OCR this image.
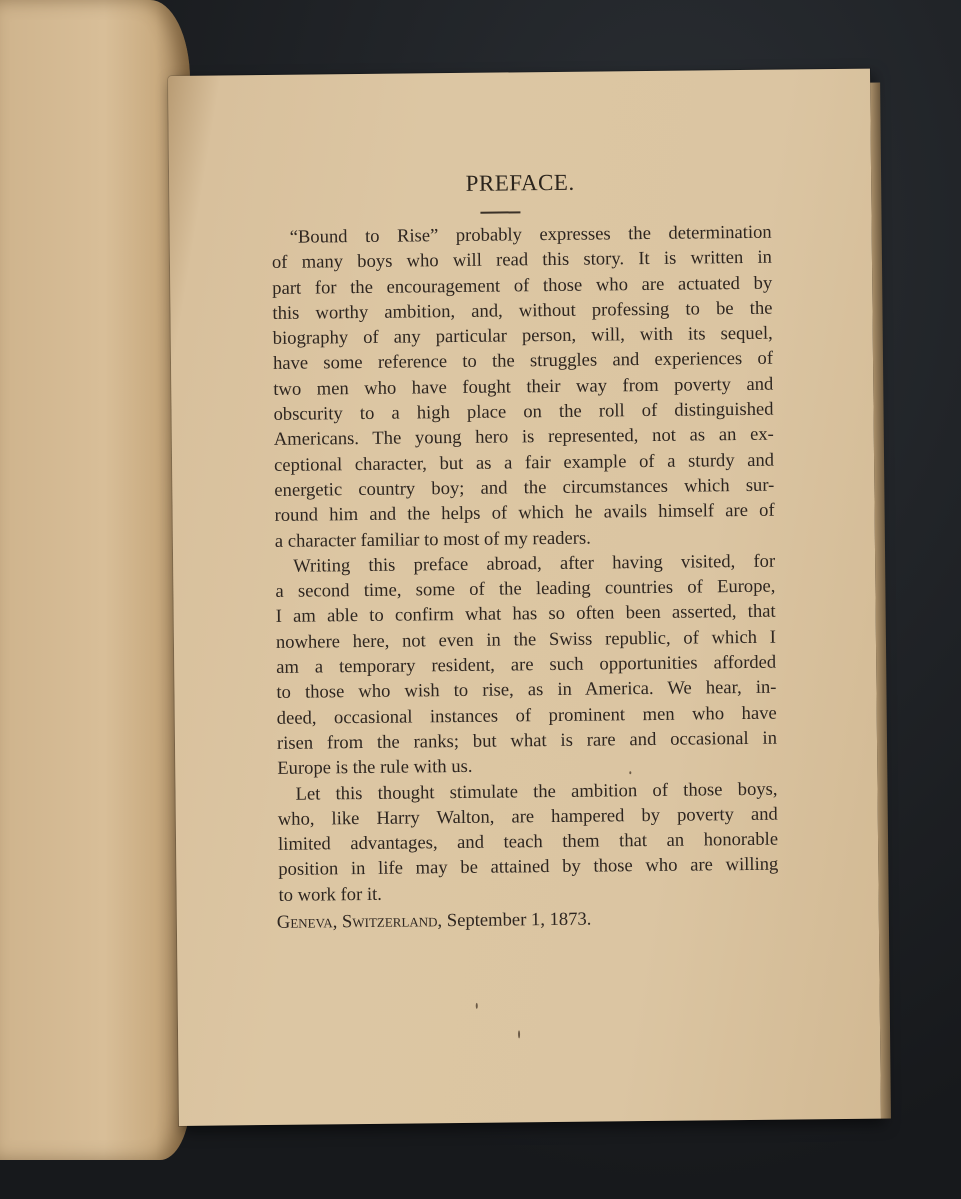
PREFACE.
“Bound to Rise” probably expresses the determination
of many boys who will read this story. It is written in
part for the encouragement of those who are actuated by
this worthy ambition, and, without professing to be the
biography of any particular person, will, with its sequel,
have some reference to the struggles and experiences of
two men who have fought their way from poverty and
obscurity to a high place on the roll of distinguished
Americans. The young hero is represented, not as an ex-
ceptional character, but as a fair example of a sturdy and
energetic country boy; and the circumstances which sur-
round him and the helps of which he avails himself are of
a character familiar to most of my readers.
Writing this preface abroad, after having visited, for
a second time, some of the leading countries of Europe,
I am able to confirm what has so often been asserted, that
nowhere here, not even in the Swiss republic, of which I
am a temporary resident, are such opportunities afforded
to those who wish to rise, as in America. We hear, in-
deed, occasional instances of prominent men who have
risen from the ranks; but what is rare and occasional in
Europe is the rule with us.
Let this thought stimulate the ambition of those boys,
who, like Harry Walton, are hampered by poverty and
limited advantages, and teach them that an honorable
position in life may be attained by those who are willing
to work for it.
Geneva, Switzerland, September 1, 1873.
